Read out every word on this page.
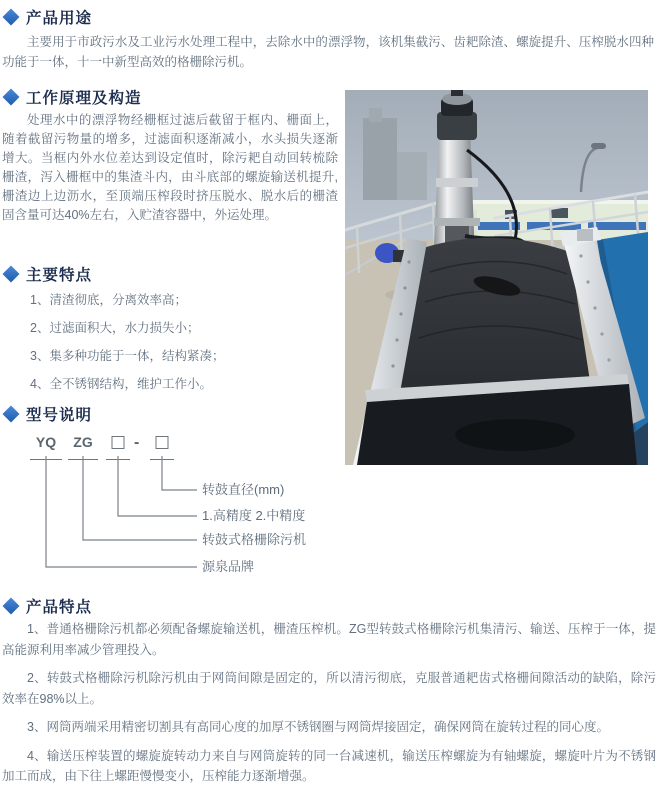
产品用途
主要用于市政污水及工业污水处理工程中，去除水中的漂浮物，该机集截污、齿耙除渣、螺旋提升、压榨脱水四种功能于一体，十一中新型高效的格栅除污机。
工作原理及构造
处理水中的漂浮物经栅框过滤后截留于框内、栅面上，随着截留污物量的增多，过滤面积逐渐减小，水头损失逐渐增大。当框内外水位差达到设定值时，除污耙自动回转梳除栅渣，泻入栅框中的集渣斗内，由斗底部的螺旋输送机提升,栅渣边上边沥水，至顶端压榨段时挤压脱水、脱水后的栅渣固含量可达40%左右，入贮渣容器中，外运处理。
主要特点
1、清渣彻底，分离效率高；
2、过滤面积大，水力损失小；
3、集多种功能于一体，结构紧凑；
4、全不锈钢结构，维护工作小。
型号说明
YQ	ZG	-
转鼓直径(mm)
1.高精度 2.中精度
转鼓式格栅除污机
源泉品牌
产品特点

1、普通格栅除污机都必须配备螺旋输送机，栅渣压榨机。ZG型转鼓式格栅除污机集清污、输送、压榨于一体，提高能源利用率减少管理投入。

2、转鼓式格栅除污机除污机由于网筒间隙是固定的，所以清污彻底，克服普通耙齿式格栅间隙活动的缺陷，除污效率在98%以上。

3、网筒两端采用精密切割具有高同心度的加厚不锈钢圈与网筒焊接固定，确保网筒在旋转过程的同心度。

4、输送压榨装置的螺旋旋转动力来自与网筒旋转的同一台减速机，输送压榨螺旋为有轴螺旋，螺旋叶片为不锈钢加工而成，由下往上螺距慢慢变小，压榨能力逐渐增强。
